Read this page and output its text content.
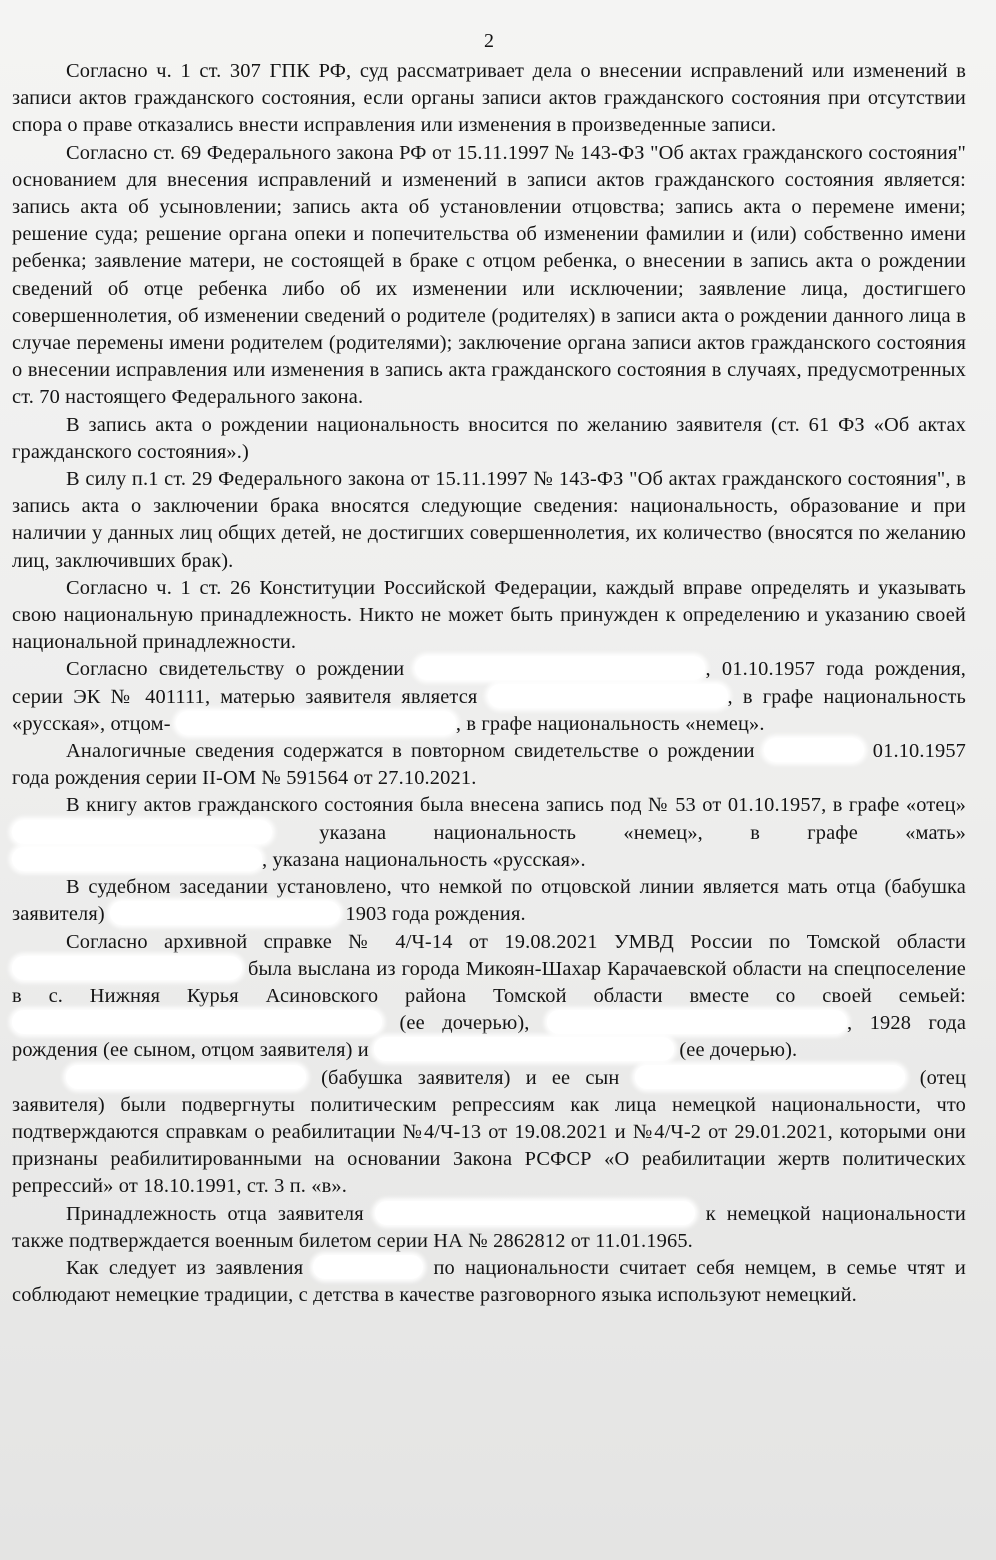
2

Согласно ч. 1 ст. 307 ГПК РФ, суд рассматривает дела о внесении исправлений или изменений в записи актов гражданского состояния, если органы записи актов гражданского состояния при отсутствии спора о праве отказались внести исправления или изменения в произведенные записи.

Согласно ст. 69 Федерального закона РФ от 15.11.1997 № 143-ФЗ "Об актах гражданского состояния" основанием для внесения исправлений и изменений в записи актов гражданского состояния является: запись акта об усыновлении; запись акта об установлении отцовства; запись акта о перемене имени; решение суда; решение органа опеки и попечительства об изменении фамилии и (или) собственно имени ребенка; заявление матери, не состоящей в браке с отцом ребенка, о внесении в запись акта о рождении сведений об отце ребенка либо об их изменении или исключении; заявление лица, достигшего совершеннолетия, об изменении сведений о родителе (родителях) в записи акта о рождении данного лица в случае перемены имени родителем (родителями); заключение органа записи актов гражданского состояния о внесении исправления или изменения в запись акта гражданского состояния в случаях, предусмотренных ст. 70 настоящего Федерального закона.

В запись акта о рождении национальность вносится по желанию заявителя (ст. 61 ФЗ «Об актах гражданского состояния».)

В силу п.1 ст. 29 Федерального закона от 15.11.1997 № 143-ФЗ "Об актах гражданского состояния", в запись акта о заключении брака вносятся следующие сведения: национальность, образование и при наличии у данных лиц общих детей, не достигших совершеннолетия, их количество (вносятся по желанию лиц, заключивших брак).

Согласно ч. 1 ст. 26 Конституции Российской Федерации, каждый вправе определять и указывать свою национальную принадлежность. Никто не может быть принужден к определению и указанию своей национальной принадлежности.

Согласно свидетельству о рождении	, 01.10.1957 года рождения, серии ЭК № 401111, матерью заявителя является	, в графе национальность «русская», отцом-	, в графе национальность «немец».

Аналогичные сведения содержатся в повторном свидетельстве о рождении	01.10.1957 года рождения серии II-ОМ № 591564 от 27.10.2021.

В книгу актов гражданского состояния была внесена запись под № 53 от 01.10.1957, в графе «отец»  указана национальность «немец», в графе «мать» , указана национальность «русская».

В судебном заседании установлено, что немкой по отцовской линии является мать отца (бабушка заявителя)	1903 года рождения.

Согласно архивной справке № 4/Ч-14 от 19.08.2021 УМВД России по Томской области  была выслана из города Микоян-Шахар Карачаевской области на спецпоселение в с. Нижняя Курья Асиновского района Томской области вместе со своей семьей:  (ее дочерью),	, 1928 года рождения (ее сыном, отцом заявителя) и	(ее дочерью).

(бабушка заявителя) и ее сын	(отец заявителя) были подвергнуты политическим репрессиям как лица немецкой национальности, что подтверждаются справкам о реабилитации №4/Ч-13 от 19.08.2021 и №4/Ч-2 от 29.01.2021, которыми они признаны реабилитированными на основании Закона РСФСР «О реабилитации жертв политических репрессий» от 18.10.1991, ст. 3 п. «в».

Принадлежность отца заявителя	к немецкой национальности также подтверждается военным билетом серии НА № 2862812 от 11.01.1965.

Как следует из заявления	по национальности считает себя немцем, в семье чтят и соблюдают немецкие традиции, с детства в качестве разговорного языка используют немецкий.
